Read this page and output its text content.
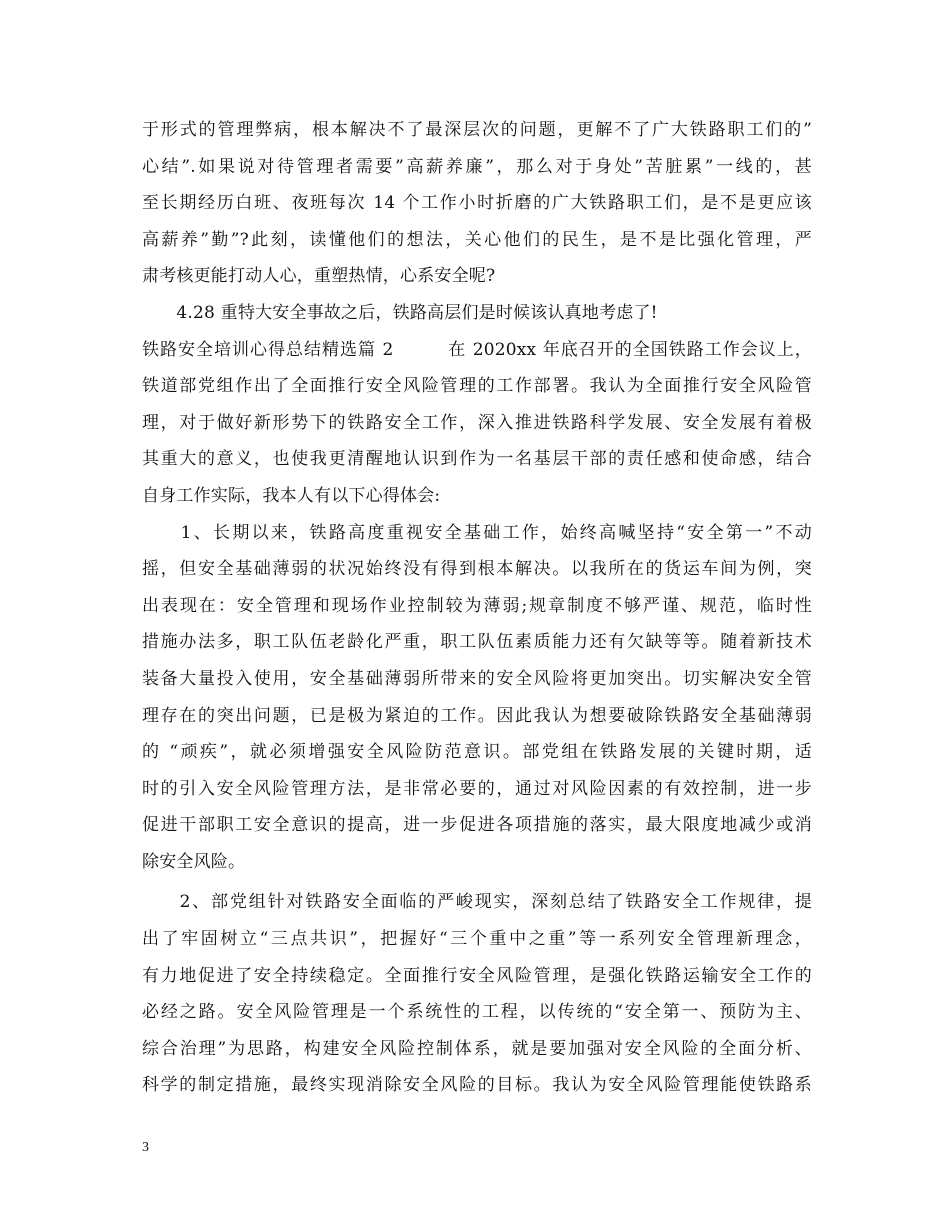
于形式的管理弊病，根本解决不了最深层次的问题，更解不了广大铁路职工们的”
心结”.如果说对待管理者需要”高薪养廉”，那么对于身处”苦脏累”一线的，甚
至长期经历白班、夜班每次 14 个工作小时折磨的广大铁路职工们，是不是更应该
高薪养”勤”?此刻，读懂他们的想法，关心他们的民生，是不是比强化管理，严
肃考核更能打动人心，重塑热情，心系安全呢?
　　4.28 重特大安全事故之后，铁路高层们是时候该认真地考虑了!
铁路安全培训心得总结精选篇 2　　　在 2020xx 年底召开的全国铁路工作会议上，
铁道部党组作出了全面推行安全风险管理的工作部署。我认为全面推行安全风险管
理，对于做好新形势下的铁路安全工作，深入推进铁路科学发展、安全发展有着极
其重大的意义，也使我更清醒地认识到作为一名基层干部的责任感和使命感，结合
自身工作实际，我本人有以下心得体会:
　　1、长期以来，铁路高度重视安全基础工作，始终高喊坚持“安全第一”不动
摇，但安全基础薄弱的状况始终没有得到根本解决。以我所在的货运车间为例，突
出表现在：安全管理和现场作业控制较为薄弱;规章制度不够严谨、规范，临时性
措施办法多，职工队伍老龄化严重，职工队伍素质能力还有欠缺等等。随着新技术
装备大量投入使用，安全基础薄弱所带来的安全风险将更加突出。切实解决安全管
理存在的突出问题，已是极为紧迫的工作。因此我认为想要破除铁路安全基础薄弱
的 “顽疾”，就必须增强安全风险防范意识。部党组在铁路发展的关键时期，适
时的引入安全风险管理方法，是非常必要的，通过对风险因素的有效控制，进一步
促进干部职工安全意识的提高，进一步促进各项措施的落实，最大限度地减少或消
除安全风险。
　　2、部党组针对铁路安全面临的严峻现实，深刻总结了铁路安全工作规律，提
出了牢固树立“三点共识”，把握好“三个重中之重”等一系列安全管理新理念，
有力地促进了安全持续稳定。全面推行安全风险管理，是强化铁路运输安全工作的
必经之路。安全风险管理是一个系统性的工程，以传统的“安全第一、预防为主、
综合治理”为思路，构建安全风险控制体系，就是要加强对安全风险的全面分析、
科学的制定措施，最终实现消除安全风险的目标。我认为安全风险管理能使铁路系
3
